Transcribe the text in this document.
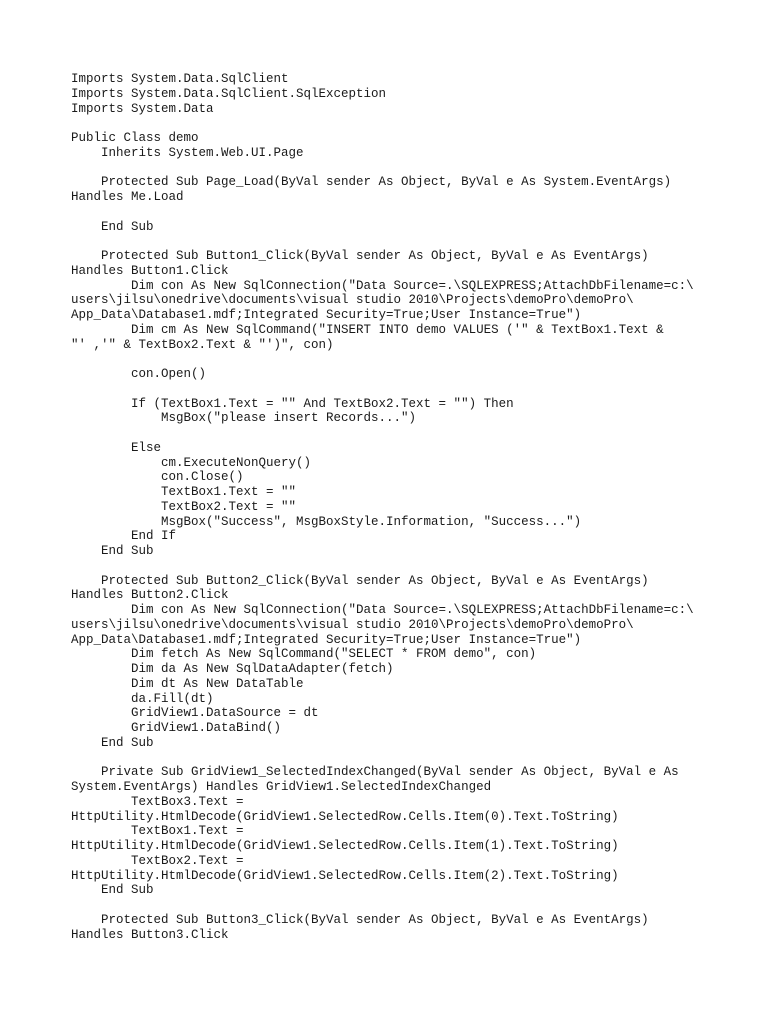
Imports System.Data.SqlClient
Imports System.Data.SqlClient.SqlException
Imports System.Data
Public Class demo
Inherits System.Web.UI.Page
Protected Sub Page_Load(ByVal sender As Object, ByVal e As System.EventArgs)
Handles Me.Load
End Sub
Protected Sub Button1_Click(ByVal sender As Object, ByVal e As EventArgs)
Handles Button1.Click
Dim con As New SqlConnection("Data Source=.\SQLEXPRESS;AttachDbFilename=c:\
users\jilsu\onedrive\documents\visual studio 2010\Projects\demoPro\demoPro\
App_Data\Database1.mdf;Integrated Security=True;User Instance=True")
Dim cm As New SqlCommand("INSERT INTO demo VALUES ('" & TextBox1.Text &
"' ,'" & TextBox2.Text & "')", con)
con.Open()
If (TextBox1.Text = "" And TextBox2.Text = "") Then
MsgBox("please insert Records...")
Else
cm.ExecuteNonQuery()
con.Close()
TextBox1.Text = ""
TextBox2.Text = ""
MsgBox("Success", MsgBoxStyle.Information, "Success...")
End If
End Sub
Protected Sub Button2_Click(ByVal sender As Object, ByVal e As EventArgs)
Handles Button2.Click
Dim con As New SqlConnection("Data Source=.\SQLEXPRESS;AttachDbFilename=c:\
users\jilsu\onedrive\documents\visual studio 2010\Projects\demoPro\demoPro\
App_Data\Database1.mdf;Integrated Security=True;User Instance=True")
Dim fetch As New SqlCommand("SELECT * FROM demo", con)
Dim da As New SqlDataAdapter(fetch)
Dim dt As New DataTable
da.Fill(dt)
GridView1.DataSource = dt
GridView1.DataBind()
End Sub
Private Sub GridView1_SelectedIndexChanged(ByVal sender As Object, ByVal e As
System.EventArgs) Handles GridView1.SelectedIndexChanged
TextBox3.Text =
HttpUtility.HtmlDecode(GridView1.SelectedRow.Cells.Item(0).Text.ToString)
TextBox1.Text =
HttpUtility.HtmlDecode(GridView1.SelectedRow.Cells.Item(1).Text.ToString)
TextBox2.Text =
HttpUtility.HtmlDecode(GridView1.SelectedRow.Cells.Item(2).Text.ToString)
End Sub
Protected Sub Button3_Click(ByVal sender As Object, ByVal e As EventArgs)
Handles Button3.Click
